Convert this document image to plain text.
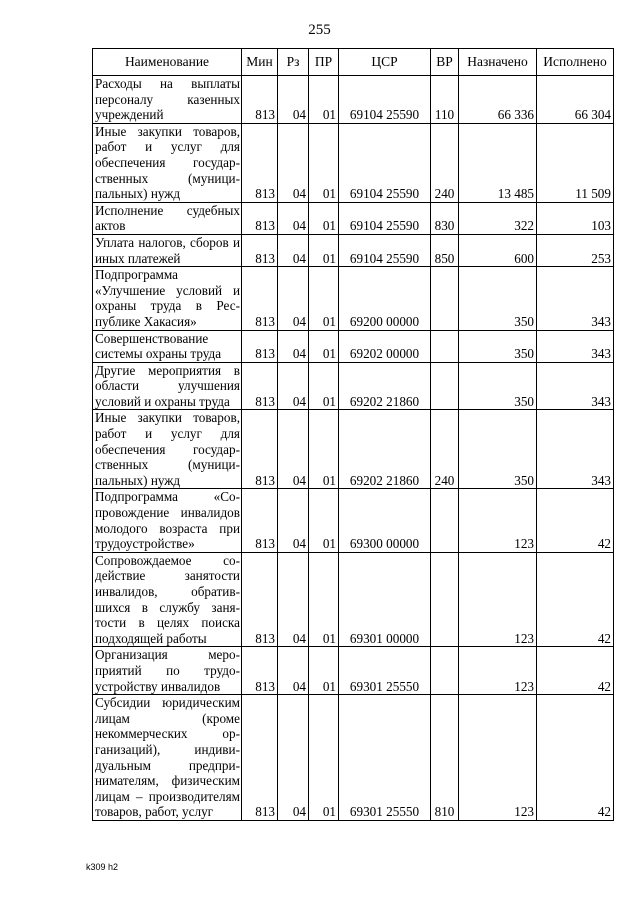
255
Наименование	Мин	Рз	ПР	ЦСР	ВР	Назначено	Исполнено
Расходы на выплаты персоналу казенных учреждений	813	04	01	69104 25590	110	66 336	66 304
Иные закупки товаров, работ и услуг для обеспечения государственных (муниципальных) нужд	813	04	01	69104 25590	240	13 485	11 509
Исполнение судебных актов	813	04	01	69104 25590	830	322	103
Уплата налогов, сборов и иных платежей	813	04	01	69104 25590	850	600	253
Подпрограмма «Улучшение условий и охраны труда в Республике Хакасия»	813	04	01	69200 00000		350	343
Совершенствование системы охраны труда	813	04	01	69202 00000		350	343
Другие мероприятия в области улучшения условий и охраны труда	813	04	01	69202 21860		350	343
Иные закупки товаров, работ и услуг для обеспечения государственных (муниципальных) нужд	813	04	01	69202 21860	240	350	343
Подпрограмма «Сопровождение инвалидов молодого возраста при трудоустройстве»	813	04	01	69300 00000		123	42
Сопровождаемое содействие занятости инвалидов, обратившихся в службу занятости в целях поиска подходящей работы	813	04	01	69301 00000		123	42
Организация мероприятий по трудоустройству инвалидов	813	04	01	69301 25550		123	42
Субсидии юридическим лицам (кроме некоммерческих организаций), индивидуальным предпринимателям, физическим лицам – производителям товаров, работ, услуг	813	04	01	69301 25550	810	123	42
k309 h2
